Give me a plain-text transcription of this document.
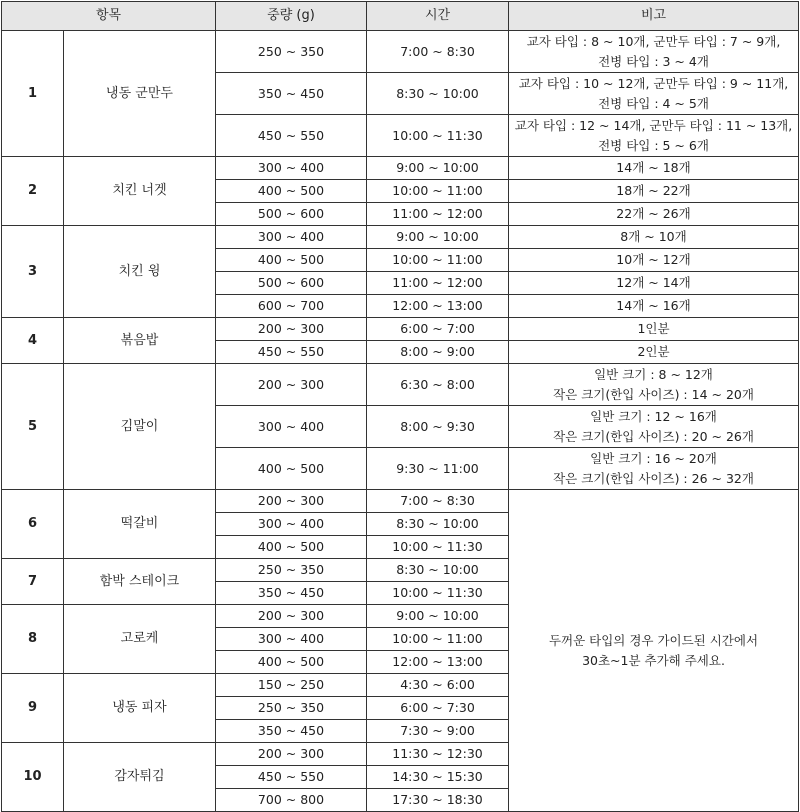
항목		중량 (g)	시간	비고
1	냉동 군만두	250 ~ 350	7:00 ~ 8:30	교자 타입 : 8 ~ 10개, 군만두 타입 : 7 ~ 9개,
전병 타입 : 3 ~ 4개

		350 ~ 450	8:30 ~ 10:00	교자 타입 : 10 ~ 12개, 군만두 타입 : 9 ~ 11개,
전병 타입 : 4 ~ 5개

		450 ~ 550	10:00 ~ 11:30	교자 타입 : 12 ~ 14개, 군만두 타입 : 11 ~ 13개,
전병 타입 : 5 ~ 6개

2	치킨 너겟	300 ~ 400	9:00 ~ 10:00	14개 ~ 18개

		400 ~ 500	10:00 ~ 11:00	18개 ~ 22개

		500 ~ 600	11:00 ~ 12:00	22개 ~ 26개

3	치킨 윙	300 ~ 400	9:00 ~ 10:00	8개 ~ 10개

		400 ~ 500	10:00 ~ 11:00	10개 ~ 12개

		500 ~ 600	11:00 ~ 12:00	12개 ~ 14개

		600 ~ 700	12:00 ~ 13:00	14개 ~ 16개

4	볶음밥	200 ~ 300	6:00 ~ 7:00	1인분

		450 ~ 550	8:00 ~ 9:00	2인분

5	김말이	200 ~ 300	6:30 ~ 8:00	일반 크기 : 8 ~ 12개
작은 크기(한입 사이즈) : 14 ~ 20개

		300 ~ 400	8:00 ~ 9:30	일반 크기 : 12 ~ 16개
작은 크기(한입 사이즈) : 20 ~ 26개

		400 ~ 500	9:30 ~ 11:00	일반 크기 : 16 ~ 20개
작은 크기(한입 사이즈) : 26 ~ 32개

6	떡갈비	200 ~ 300	7:00 ~ 8:30	두꺼운 타입의 경우 가이드된 시간에서
30초~1분 추가해 주세요.

		300 ~ 400	8:30 ~ 10:00	
		400 ~ 500	10:00 ~ 11:30	
7	함박 스테이크	250 ~ 350	8:30 ~ 10:00	
		350 ~ 450	10:00 ~ 11:30	
8	고로케	200 ~ 300	9:00 ~ 10:00	
		300 ~ 400	10:00 ~ 11:00	
		400 ~ 500	12:00 ~ 13:00	
9	냉동 피자	150 ~ 250	4:30 ~ 6:00	
		250 ~ 350	6:00 ~ 7:30	
		350 ~ 450	7:30 ~ 9:00	
10	감자튀김	200 ~ 300	11:30 ~ 12:30	
		450 ~ 550	14:30 ~ 15:30	
		700 ~ 800	17:30 ~ 18:30	
